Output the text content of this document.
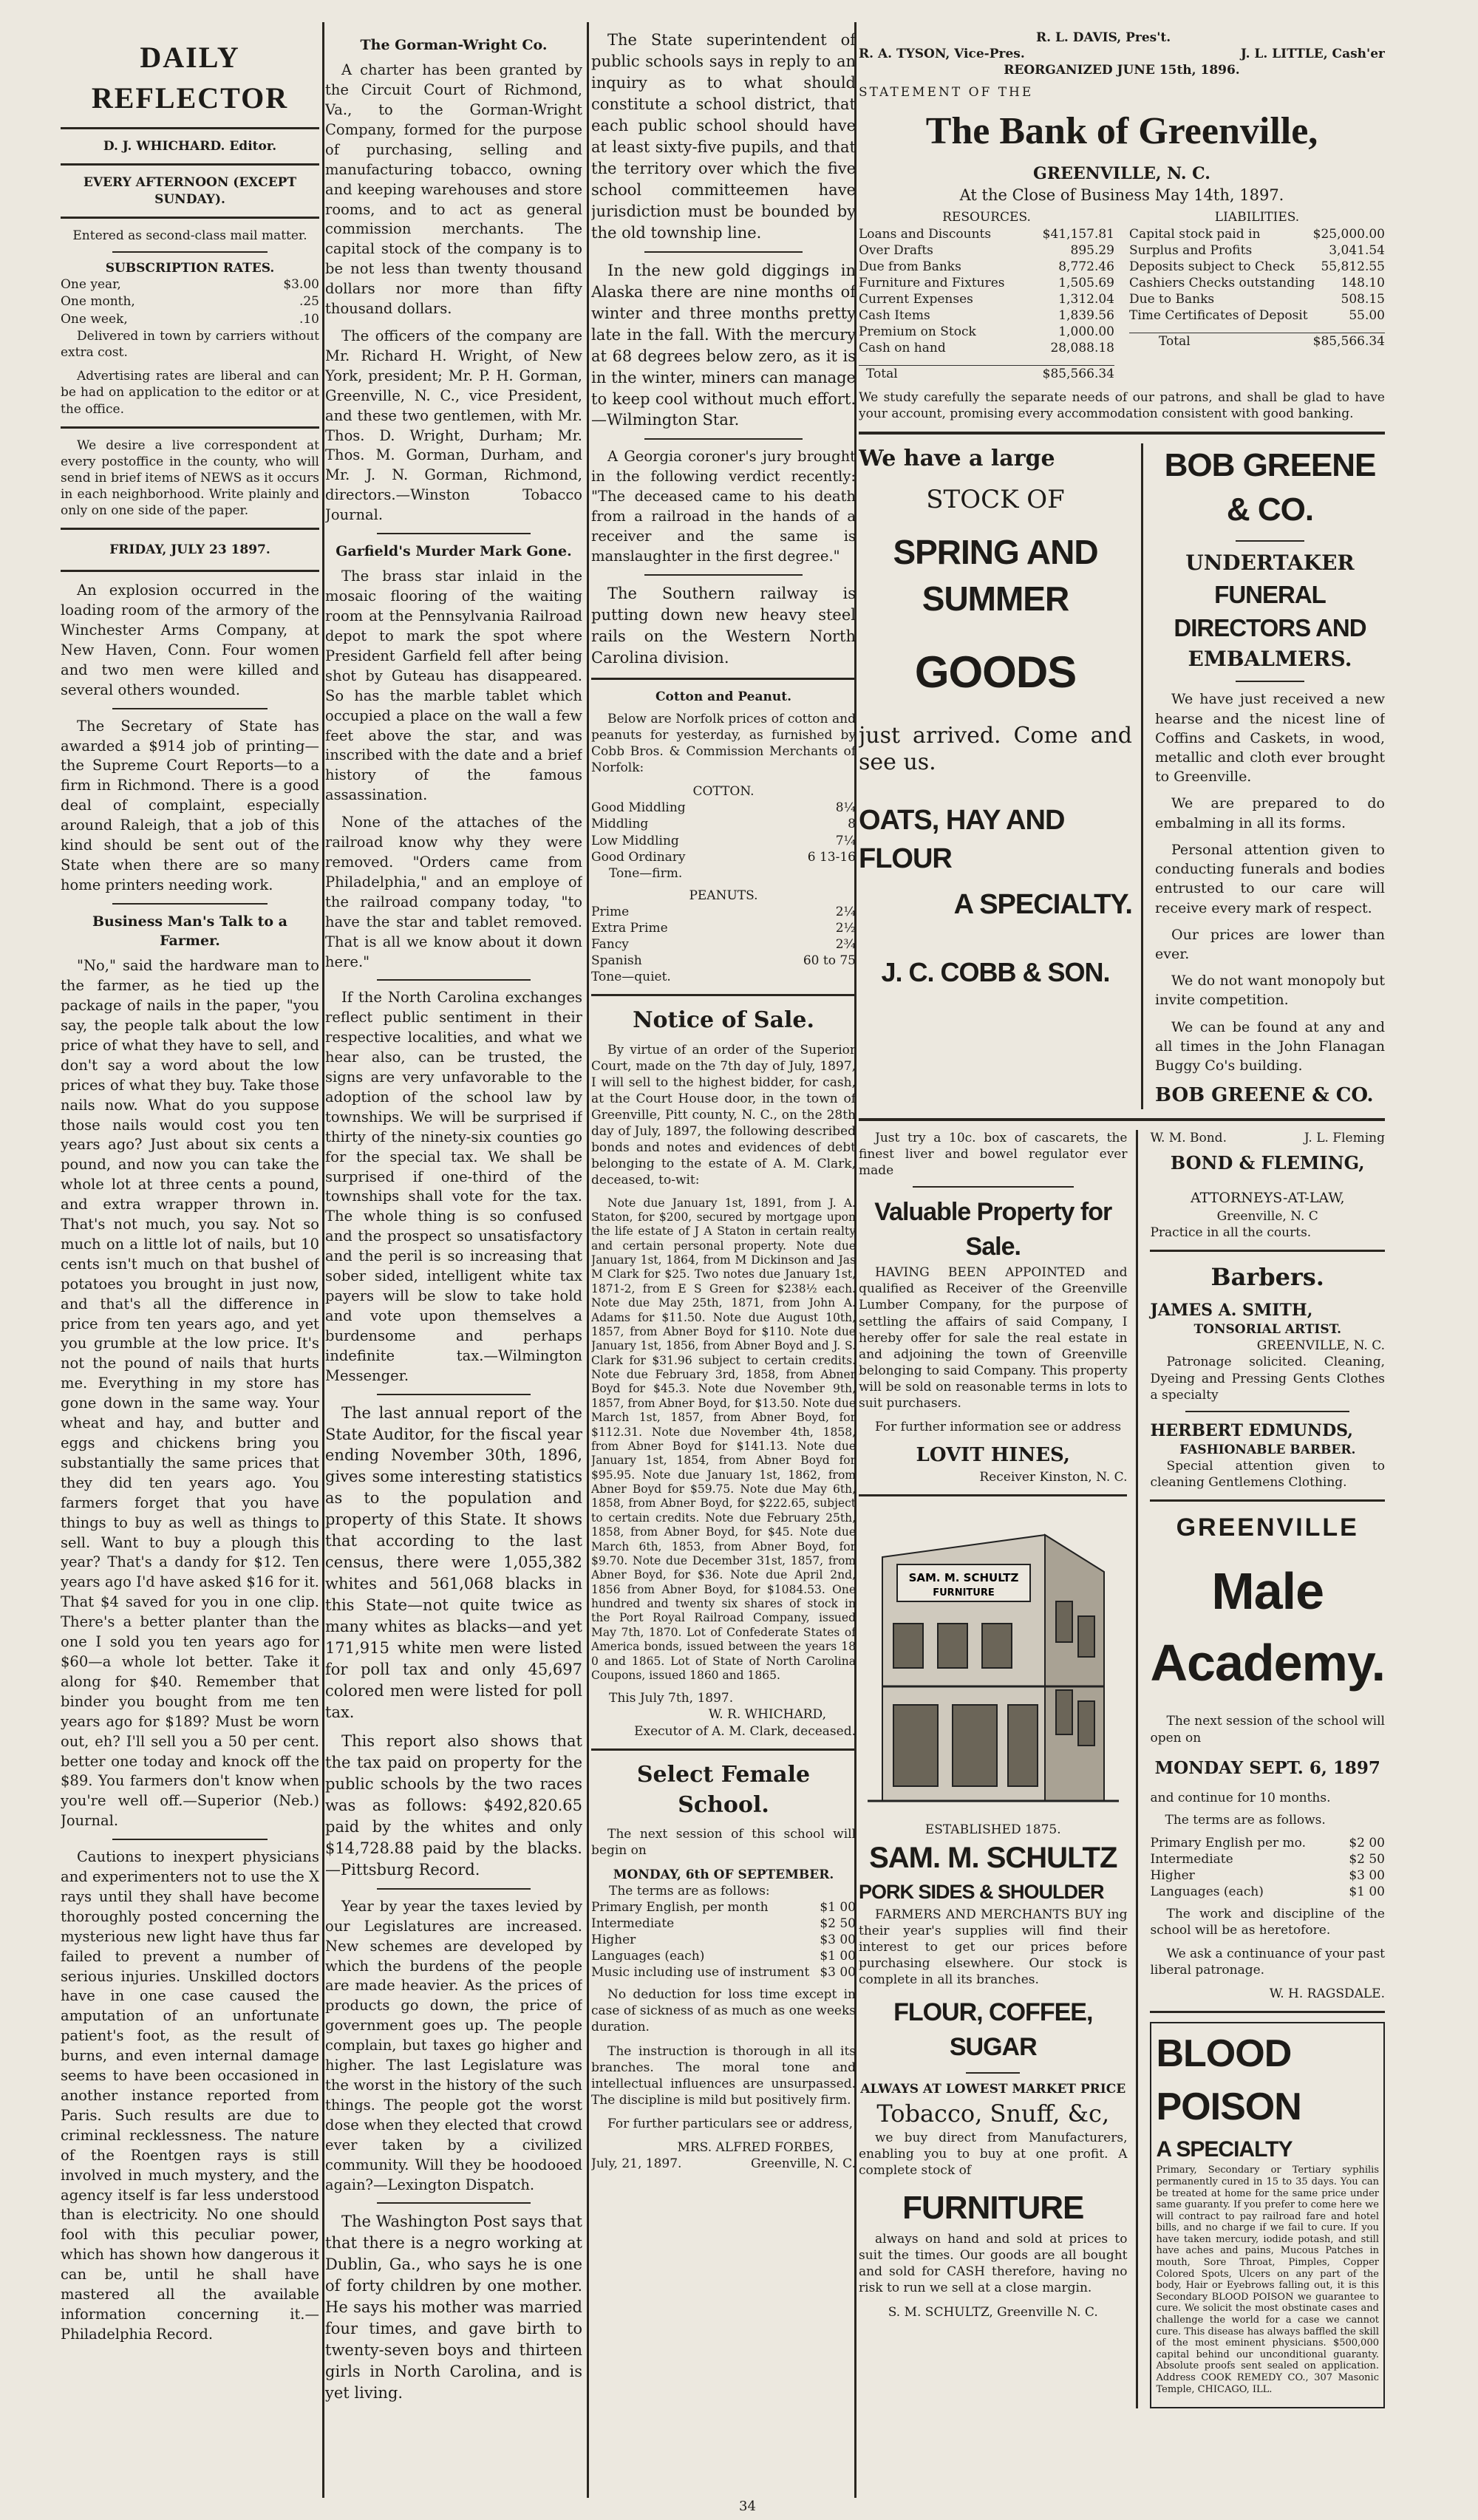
DAILY REFLECTOR
D. J. WHICHARD. Editor.
EVERY AFTERNOON (EXCEPT SUNDAY).
Entered as second-class mail matter.
SUBSCRIPTION RATES.
One year,	$3.00
One month,	.25
One week,	.10

Delivered in town by carriers without extra cost.

Advertising rates are liberal and can be had on application to the editor or at the office.

We desire a live correspondent at every postoffice in the county, who will send in brief items of NEWS as it occurs in each neighborhood. Write plainly and only on one side of the paper.

FRIDAY, JULY 23 1897.

An explosion occurred in the loading room of the armory of the Winchester Arms Company, at New Haven, Conn. Four women and two men were killed and several others wounded.

The Secretary of State has awarded a $914 job of printing—the Supreme Court Reports—to a firm in Richmond. There is a good deal of complaint, especially around Raleigh, that a job of this kind should be sent out of the State when there are so many home printers needing work.

Business Man's Talk to a Farmer.

"No," said the hardware man to the farmer, as he tied up the package of nails in the paper, "you say, the people talk about the low price of what they have to sell, and don't say a word about the low prices of what they buy. Take those nails now. What do you suppose those nails would cost you ten years ago? Just about six cents a pound, and now you can take the whole lot at three cents a pound, and extra wrapper thrown in. That's not much, you say. Not so much on a little lot of nails, but 10 cents isn't much on that bushel of potatoes you brought in just now, and that's all the difference in price from ten years ago, and yet you grumble at the low price. It's not the pound of nails that hurts me. Everything in my store has gone down in the same way. Your wheat and hay, and butter and eggs and chickens bring you substantially the same prices that they did ten years ago. You farmers forget that you have things to buy as well as things to sell. Want to buy a plough this year? That's a dandy for $12. Ten years ago I'd have asked $16 for it. That $4 saved for you in one clip. There's a better planter than the one I sold you ten years ago for $60—a whole lot better. Take it along for $40. Remember that binder you bought from me ten years ago for $189? Must be worn out, eh? I'll sell you a 50 per cent. better one today and knock off the $89. You farmers don't know when you're well off.—Superior (Neb.) Journal.

Cautions to inexpert physicians and experimenters not to use the X rays until they shall have become thoroughly posted concerning the mysterious new light have thus far failed to prevent a number of serious injuries. Unskilled doctors have in one case caused the amputation of an unfortunate patient's foot, as the result of burns, and even internal damage seems to have been occasioned in another instance reported from Paris. Such results are due to criminal recklessness. The nature of the Roentgen rays is still involved in much mystery, and the agency itself is far less understood than is electricity. No one should fool with this peculiar power, which has shown how dangerous it can be, until he shall have mastered all the available information concerning it.—Philadelphia Record.

The Gorman-Wright Co.

A charter has been granted by the Circuit Court of Richmond, Va., to the Gorman-Wright Company, formed for the purpose of purchasing, selling and manufacturing tobacco, owning and keeping warehouses and store rooms, and to act as general commission merchants. The capital stock of the company is to be not less than twenty thousand dollars nor more than fifty thousand dollars.

The officers of the company are Mr. Richard H. Wright, of New York, president; Mr. P. H. Gorman, Greenville, N. C., vice President, and these two gentlemen, with Mr. Thos. D. Wright, Durham; Mr. Thos. M. Gorman, Durham, and Mr. J. N. Gorman, Richmond, directors.—Winston Tobacco Journal.

Garfield's Murder Mark Gone.

The brass star inlaid in the mosaic flooring of the waiting room at the Pennsylvania Railroad depot to mark the spot where President Garfield fell after being shot by Guteau has disappeared. So has the marble tablet which occupied a place on the wall a few feet above the star, and was inscribed with the date and a brief history of the famous assassination.

None of the attaches of the railroad know why they were removed. "Orders came from Philadelphia," and an employe of the railroad company today, "to have the star and tablet removed. That is all we know about it down here."

If the North Carolina exchanges reflect public sentiment in their respective localities, and what we hear also, can be trusted, the signs are very unfavorable to the adoption of the school law by townships. We will be surprised if thirty of the ninety-six counties go for the special tax. We shall be surprised if one-third of the townships shall vote for the tax. The whole thing is so confused and the prospect so unsatisfactory and the peril is so increasing that sober sided, intelligent white tax payers will be slow to take hold and vote upon themselves a burdensome and perhaps indefinite tax.—Wilmington Messenger.

The last annual report of the State Auditor, for the fiscal year ending November 30th, 1896, gives some interesting statistics as to the population and property of this State. It shows that according to the last census, there were 1,055,382 whites and 561,068 blacks in this State—not quite twice as many whites as blacks—and yet 171,915 white men were listed for poll tax and only 45,697 colored men were listed for poll tax.

This report also shows that the tax paid on property for the public schools by the two races was as follows: $492,820.65 paid by the whites and only $14,728.88 paid by the blacks.—Pittsburg Record.

Year by year the taxes levied by our Legislatures are increased. New schemes are developed by which the burdens of the people are made heavier. As the prices of products go down, the price of government goes up. The people complain, but taxes go higher and higher. The last Legislature was the worst in the history of the such things. The people got the worst dose when they elected that crowd ever taken by a civilized community. Will they be hoodooed again?—Lexington Dispatch.

The Washington Post says that that there is a negro working at Dublin, Ga., who says he is one of forty children by one mother. He says his mother was married four times, and gave birth to twenty-seven boys and thirteen girls in North Carolina, and is yet living.

The State superintendent of public schools says in reply to an inquiry as to what should constitute a school district, that each public school should have at least sixty-five pupils, and that the territory over which the five school committeemen have jurisdiction must be bounded by the old township line.

In the new gold diggings in Alaska there are nine months of winter and three months pretty late in the fall. With the mercury at 68 degrees below zero, as it is in the winter, miners can manage to keep cool without much effort.—Wilmington Star.

A Georgia coroner's jury brought in the following verdict recently: "The deceased came to his death from a railroad in the hands of a receiver and the same is manslaughter in the first degree."

The Southern railway is putting down new heavy steel rails on the Western North Carolina division.

Cotton and Peanut.

Below are Norfolk prices of cotton and peanuts for yesterday, as furnished by Cobb Bros. & Commission Merchants of Norfolk:

COTTON.
Good Middling	8¼
Middling	8
Low Middling	7¼
Good Ordinary	6 13-16
Tone—firm.
PEANUTS.
Prime	2¼
Extra Prime	2½
Fancy	2¾
Spanish	60 to 75
Tone—quiet.
Notice of Sale.

By virtue of an order of the Superior Court, made on the 7th day of July, 1897, I will sell to the highest bidder, for cash, at the Court House door, in the town of Greenville, Pitt county, N. C., on the 28th day of July, 1897, the following described bonds and notes and evidences of debt belonging to the estate of A. M. Clark, deceased, to-wit:

Note due January 1st, 1891, from J. A. Staton, for $200, secured by mortgage upon the life estate of J A Staton in certain realty and certain personal property. Note due January 1st, 1864, from M Dickinson and Jas M Clark for $25. Two notes due January 1st, 1871-2, from E S Green for $238½ each. Note due May 25th, 1871, from John A. Adams for $11.50. Note due August 10th, 1857, from Abner Boyd for $110. Note due January 1st, 1856, from Abner Boyd and J. S. Clark for $31.96 subject to certain credits. Note due February 3rd, 1858, from Abner Boyd for $45.3. Note due November 9th, 1857, from Abner Boyd, for $13.50. Note due March 1st, 1857, from Abner Boyd, for $112.31. Note due November 4th, 1858, from Abner Boyd for $141.13. Note due January 1st, 1854, from Abner Boyd for $95.95. Note due January 1st, 1862, from Abner Boyd for $59.75. Note due May 6th, 1858, from Abner Boyd, for $222.65, subject to certain credits. Note due February 25th, 1858, from Abner Boyd, for $45. Note due March 6th, 1853, from Abner Boyd, for $9.70. Note due December 31st, 1857, from Abner Boyd, for $36. Note due April 2nd, 1856 from Abner Boyd, for $1084.53. One hundred and twenty six shares of stock in the Port Royal Railroad Company, issued May 7th, 1870. Lot of Confederate States of America bonds, issued between the years 18 0 and 1865. Lot of State of North Carolina Coupons, issued 1860 and 1865.

This July 7th, 1897.
W. R. WHICHARD,
Executor of A. M. Clark, deceased.
Select Female School.

The next session of this school will begin on

MONDAY, 6th OF SEPTEMBER.
The terms are as follows:
Primary English, per month	$1 00
Intermediate	$2 50
Higher	$3 00
Languages (each)	$1 00
Music including use of instrument $3 00

No deduction for loss time except in case of sickness of as much as one weeks duration.

The instruction is thorough in all its branches. The moral tone and intellectual influences are unsurpassed. The discipline is mild but positively firm.

For further particulars see or address,

MRS. ALFRED FORBES,
July, 21, 1897.	Greenville, N. C.
R. L. DAVIS, Pres't.
R. A. TYSON, Vice-Pres.	J. L. LITTLE, Cash'er
REORGANIZED JUNE 15th, 1896.
STATEMENT OF THE
The Bank of Greenville,
GREENVILLE, N. C.
At the Close of Business May 14th, 1897.
RESOURCES.
Loans and Discounts	$41,157.81
Over Drafts	895.29
Due from Banks	8,772.46
Furniture and Fixtures	1,505.69
Current Expenses	1,312.04
Cash Items	1,839.56
Premium on Stock	1,000.00
Cash on hand	28,088.18
Total	$85,566.34
LIABILITIES.
Capital stock paid in	$25,000.00
Surplus and Profits	3,041.54
Deposits subject to Check 55,812.55
Cashiers Checks outstanding 148.10
Due to Banks	508.15
Time Certificates of Deposit	55.00
Total	$85,566.34

We study carefully the separate needs of our patrons, and shall be glad to have your account, promising every accommodation consistent with good banking.

We have a large
STOCK OF
SPRING AND SUMMER
GOODS
just arrived. Come and see us.
OATS, HAY AND FLOUR
A SPECIALTY.
J. C. COBB & SON.
BOB GREENE & CO.
UNDERTAKER
FUNERAL DIRECTORS AND
EMBALMERS.

We have just received a new hearse and the nicest line of Coffins and Caskets, in wood, metallic and cloth ever brought to Greenville.

We are prepared to do embalming in all its forms.

Personal attention given to conducting funerals and bodies entrusted to our care will receive every mark of respect.

Our prices are lower than ever.

We do not want monopoly but invite competition.

We can be found at any and all times in the John Flanagan Buggy Co's building.

BOB GREENE & CO.

Just try a 10c. box of cascarets, the finest liver and bowel regulator ever made

Valuable Property for Sale.

HAVING BEEN APPOINTED and qualified as Receiver of the Greenville Lumber Company, for the purpose of settling the affairs of said Company, I hereby offer for sale the real estate in and adjoining the town of Greenville belonging to said Company. This property will be sold on reasonable terms in lots to suit purchasers.

For further information see or address

LOVIT HINES,
Receiver Kinston, N. C.
SAM. M. SCHULTZ
FURNITURE
ESTABLISHED 1875.
SAM. M. SCHULTZ
PORK SIDES & SHOULDER

FARMERS AND MERCHANTS BUY ing their year's supplies will find their interest to get our prices before purchasing elsewhere. Our stock is complete in all its branches.

FLOUR, COFFEE, SUGAR
ALWAYS AT LOWEST MARKET PRICE
Tobacco, Snuff, &c,

we buy direct from Manufacturers, enabling you to buy at one profit. A complete stock of

FURNITURE

always on hand and sold at prices to suit the times. Our goods are all bought and sold for CASH therefore, having no risk to run we sell at a close margin.

S. M. SCHULTZ, Greenville N. C.
W. M. Bond.	J. L. Fleming
BOND & FLEMING,
ATTORNEYS-AT-LAW,
Greenville, N. C
Practice in all the courts.
Barbers.
JAMES A. SMITH,
TONSORIAL ARTIST.
GREENVILLE, N. C.

Patronage solicited. Cleaning, Dyeing and Pressing Gents Clothes a specialty

HERBERT EDMUNDS,
FASHIONABLE BARBER.

Special attention given to cleaning Gentlemens Clothing.

GREENVILLE
Male Academy.

The next session of the school will open on

MONDAY SEPT. 6, 1897
and continue for 10 months.
The terms are as follows.
Primary English per mo.	$2 00
Intermediate	$2 50
Higher	$3 00
Languages (each)	$1 00

The work and discipline of the school will be as heretofore.

We ask a continuance of your past liberal patronage.

W. H. RAGSDALE.
BLOOD POISON
A SPECIALTY

Primary, Secondary or Tertiary syphilis permanently cured in 15 to 35 days. You can be treated at home for the same price under same guaranty. If you prefer to come here we will contract to pay railroad fare and hotel bills, and no charge if we fail to cure. If you have taken mercury, iodide potash, and still have aches and pains, Mucous Patches in mouth, Sore Throat, Pimples, Copper Colored Spots, Ulcers on any part of the body, Hair or Eyebrows falling out, it is this Secondary BLOOD POISON we guarantee to cure. We solicit the most obstinate cases and challenge the world for a case we cannot cure. This disease has always baffled the skill of the most eminent physicians. $500,000 capital behind our unconditional guaranty. Absolute proofs sent sealed on application. Address COOK REMEDY CO., 307 Masonic Temple, CHICAGO, ILL.

34
